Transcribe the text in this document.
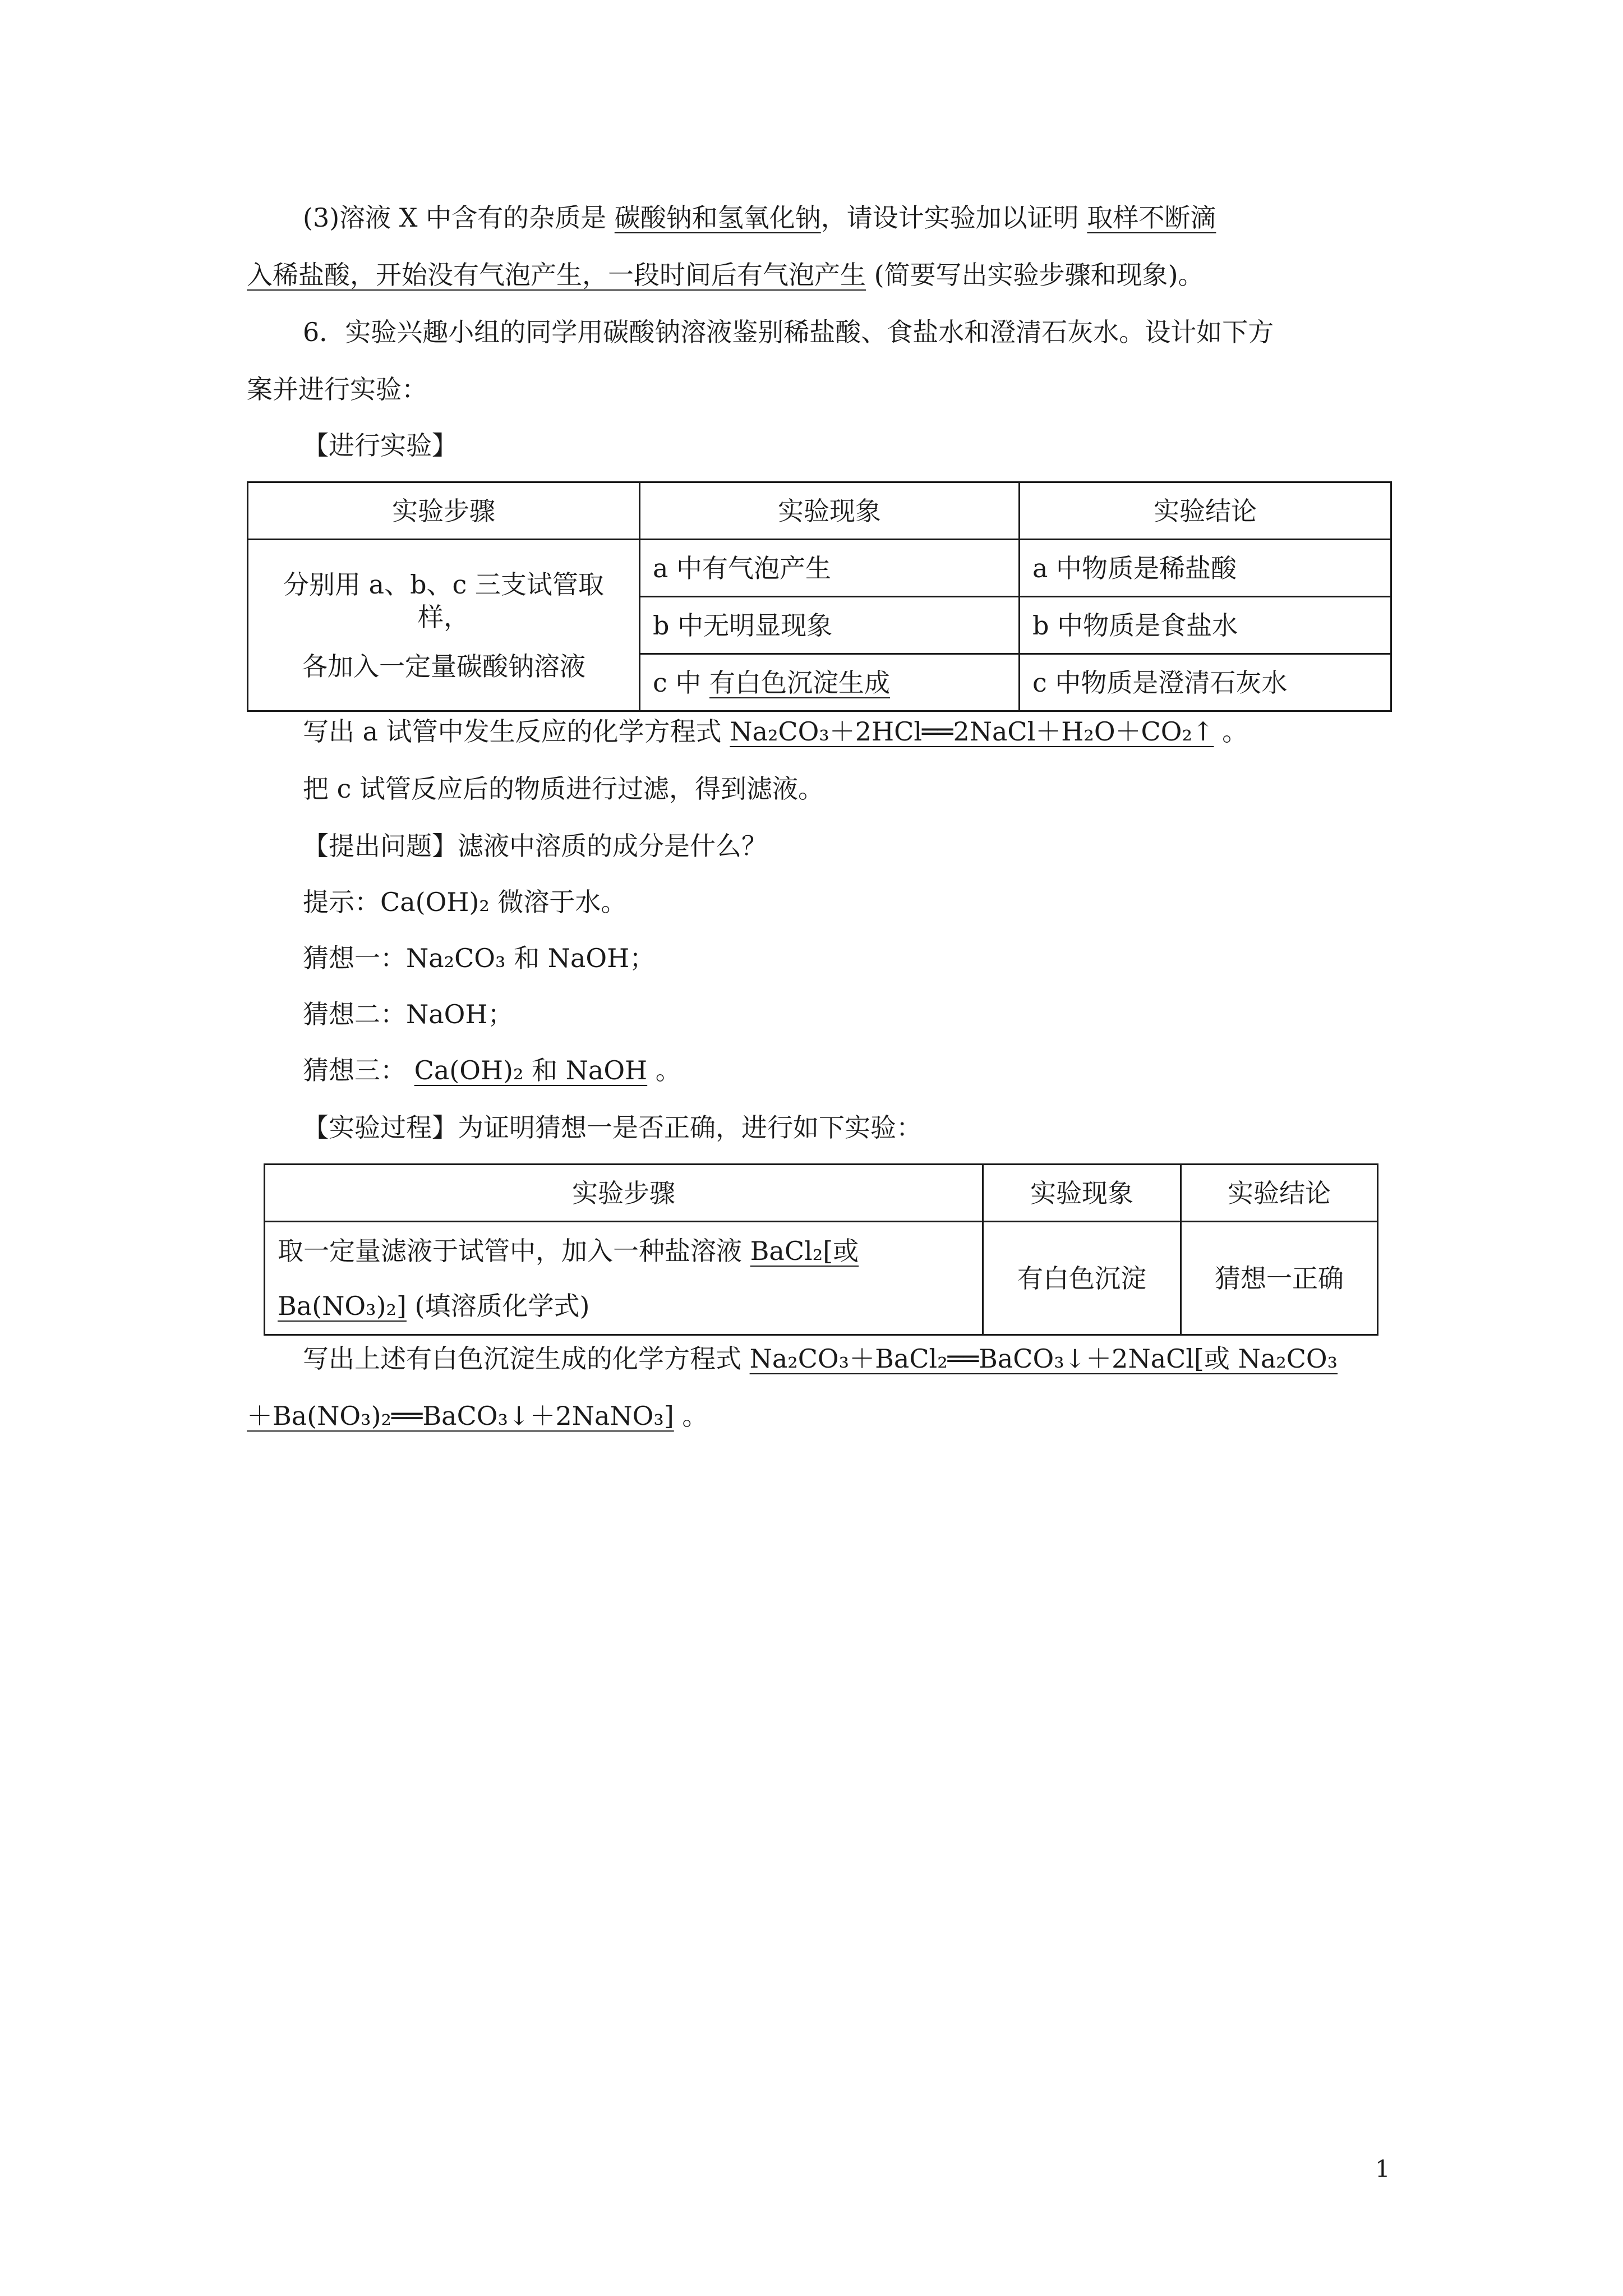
(3)溶液 X 中含有的杂质是 碳酸钠和氢氧化钠，请设计实验加以证明 取样不断滴
入稀盐酸，开始没有气泡产生，一段时间后有气泡产生 (简要写出实验步骤和现象)。
6．实验兴趣小组的同学用碳酸钠溶液鉴别稀盐酸、食盐水和澄清石灰水。设计如下方
案并进行实验：
【进行实验】
实验步骤	实验现象	实验结论

分别用 a、b、c 三支试管取样，
各加入一定量碳酸钠溶液	a 中有气泡产生	a 中物质是稀盐酸
	b 中无明显现象	b 中物质是食盐水
	c 中 有白色沉淀生成	c 中物质是澄清石灰水
写出 a 试管中发生反应的化学方程式 Na₂CO₃＋2HCl══2NaCl＋H₂O＋CO₂↑ 。
把 c 试管反应后的物质进行过滤，得到滤液。
【提出问题】滤液中溶质的成分是什么？
提示：Ca(OH)₂ 微溶于水。
猜想一：Na₂CO₃ 和 NaOH；
猜想二：NaOH；
猜想三： Ca(OH)₂ 和 NaOH 。
【实验过程】为证明猜想一是否正确，进行如下实验：
实验步骤	实验现象	实验结论

取一定量滤液于试管中，加入一种盐溶液 BaCl₂[或
Ba(NO₃)₂] (填溶质化学式)	有白色沉淀	猜想一正确
写出上述有白色沉淀生成的化学方程式 Na₂CO₃＋BaCl₂══BaCO₃↓＋2NaCl[或 Na₂CO₃
＋Ba(NO₃)₂══BaCO₃↓＋2NaNO₃] 。
1
